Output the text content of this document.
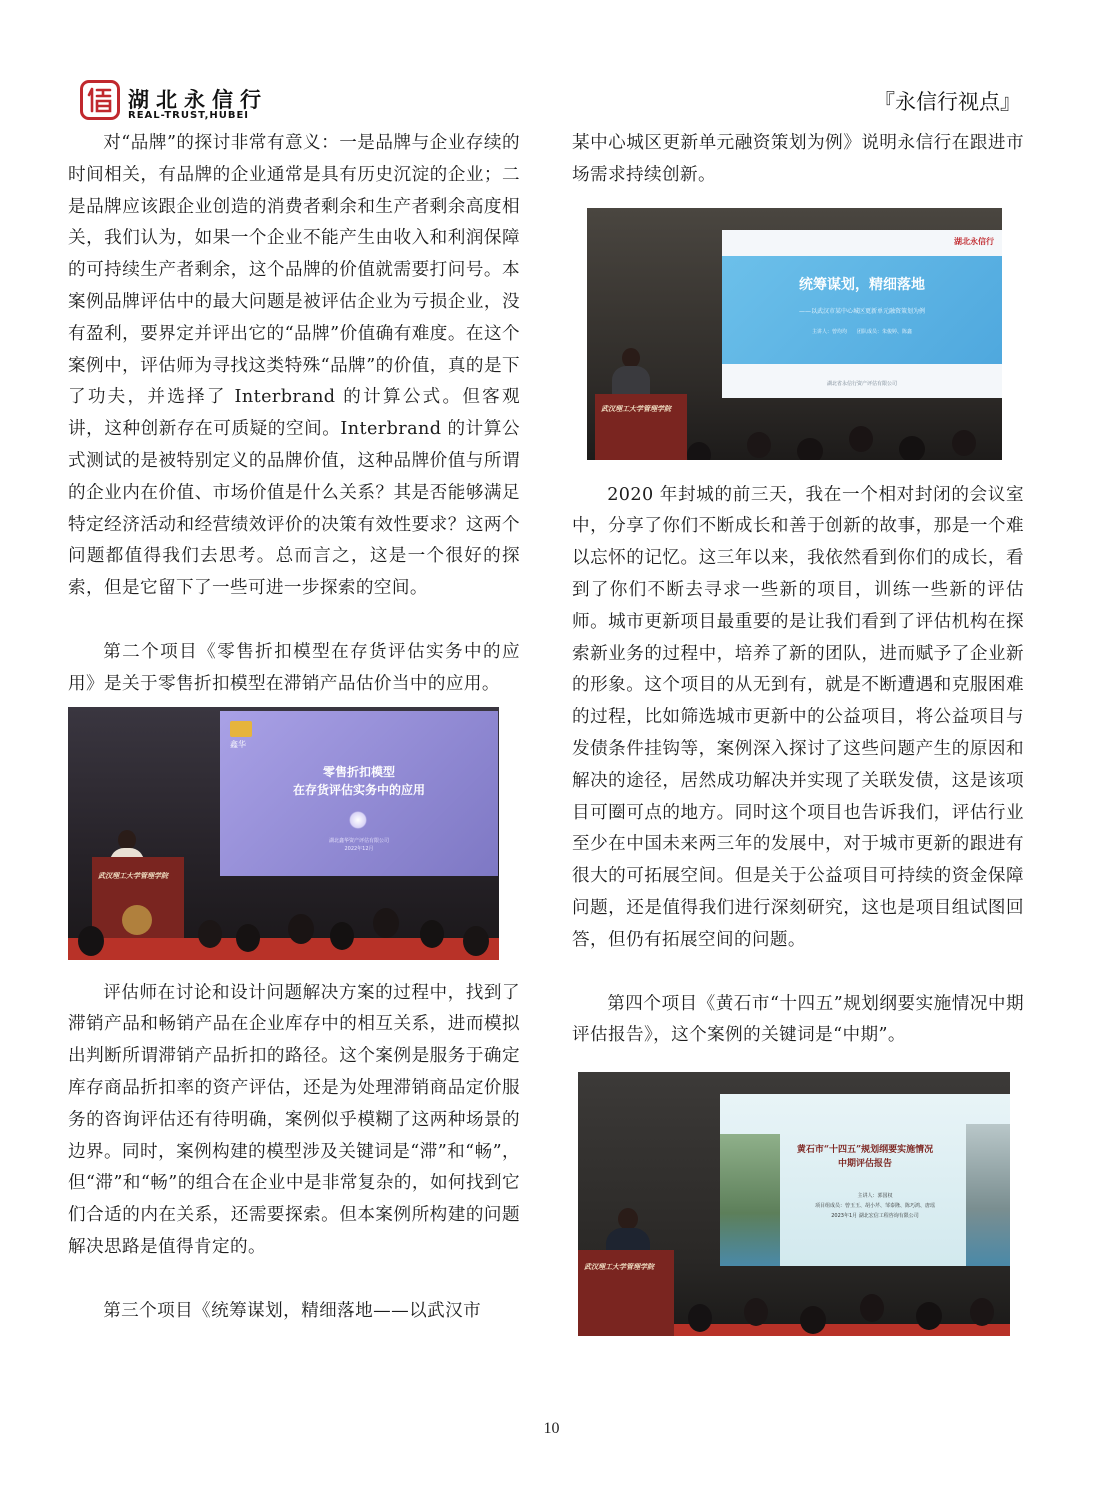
湖北永信行
REAL-TRUST,HUBEI
『永信行视点』

对“品牌”的探讨非常有意义：一是品牌与企业存续的时间相关，有品牌的企业通常是具有历史沉淀的企业；二是品牌应该跟企业创造的消费者剩余和生产者剩余高度相关，我们认为，如果一个企业不能产生由收入和利润保障的可持续生产者剩余，这个品牌的价值就需要打问号。本案例品牌评估中的最大问题是被评估企业为亏损企业，没有盈利，要界定并评出它的“品牌”价值确有难度。在这个案例中，评估师为寻找这类特殊“品牌”的价值，真的是下了功夫，并选择了 Interbrand 的计算公式。但客观讲，这种创新存在可质疑的空间。Interbrand 的计算公式测试的是被特别定义的品牌价值，这种品牌价值与所谓的企业内在价值、市场价值是什么关系？其是否能够满足特定经济活动和经营绩效评价的决策有效性要求？这两个问题都值得我们去思考。总而言之，这是一个很好的探索，但是它留下了一些可进一步探索的空间。

第二个项目《零售折扣模型在存货评估实务中的应用》是关于零售折扣模型在滞销产品估价当中的应用。

鑫华
零售折扣模型
在存货评估实务中的应用
湖北鑫华资产评估有限公司
2022年12月
武汉理工大学管理学院

评估师在讨论和设计问题解决方案的过程中，找到了滞销产品和畅销产品在企业库存中的相互关系，进而模拟出判断所谓滞销产品折扣的路径。这个案例是服务于确定库存商品折扣率的资产评估，还是为处理滞销商品定价服务的咨询评估还有待明确，案例似乎模糊了这两种场景的边界。同时，案例构建的模型涉及关键词是“滞”和“畅”，但“滞”和“畅”的组合在企业中是非常复杂的，如何找到它们合适的内在关系，还需要探索。但本案例所构建的问题解决思路是值得肯定的。

第三个项目《统筹谋划，精细落地——以武汉市

某中心城区更新单元融资策划为例》说明永信行在跟进市场需求持续创新。

湖北永信行
统筹谋划，精细落地
——以武汉市某中心城区更新单元融资策划为例
主讲人：曾均均　　团队成员：朱俊婷、陈鑫
湖北省永信行资产评估有限公司
武汉理工大学管理学院

2020 年封城的前三天，我在一个相对封闭的会议室中，分享了你们不断成长和善于创新的故事，那是一个难以忘怀的记忆。这三年以来，我依然看到你们的成长，看到了你们不断去寻求一些新的项目，训练一些新的评估师。城市更新项目最重要的是让我们看到了评估机构在探索新业务的过程中，培养了新的团队，进而赋予了企业新的形象。这个项目的从无到有，就是不断遭遇和克服困难的过程，比如筛选城市更新中的公益项目，将公益项目与发债条件挂钩等，案例深入探讨了这些问题产生的原因和解决的途径，居然成功解决并实现了关联发债，这是该项目可圈可点的地方。同时这个项目也告诉我们，评估行业至少在中国未来两三年的发展中，对于城市更新的跟进有很大的可拓展空间。但是关于公益项目可持续的资金保障问题，还是值得我们进行深刻研究，这也是项目组试图回答，但仍有拓展空间的问题。

第四个项目《黄石市“十四五”规划纲要实施情况中期评估报告》，这个案例的关键词是“中期”。

黄石市“十四五”规划纲要实施情况
中期评估报告
主讲人：郭国权
项目组成员：曾玉玉、胡小芹、邹泰隆、陈巧鸿、唐瑶
2023年1月 湖北宏信工程咨询有限公司
武汉理工大学管理学院
10
